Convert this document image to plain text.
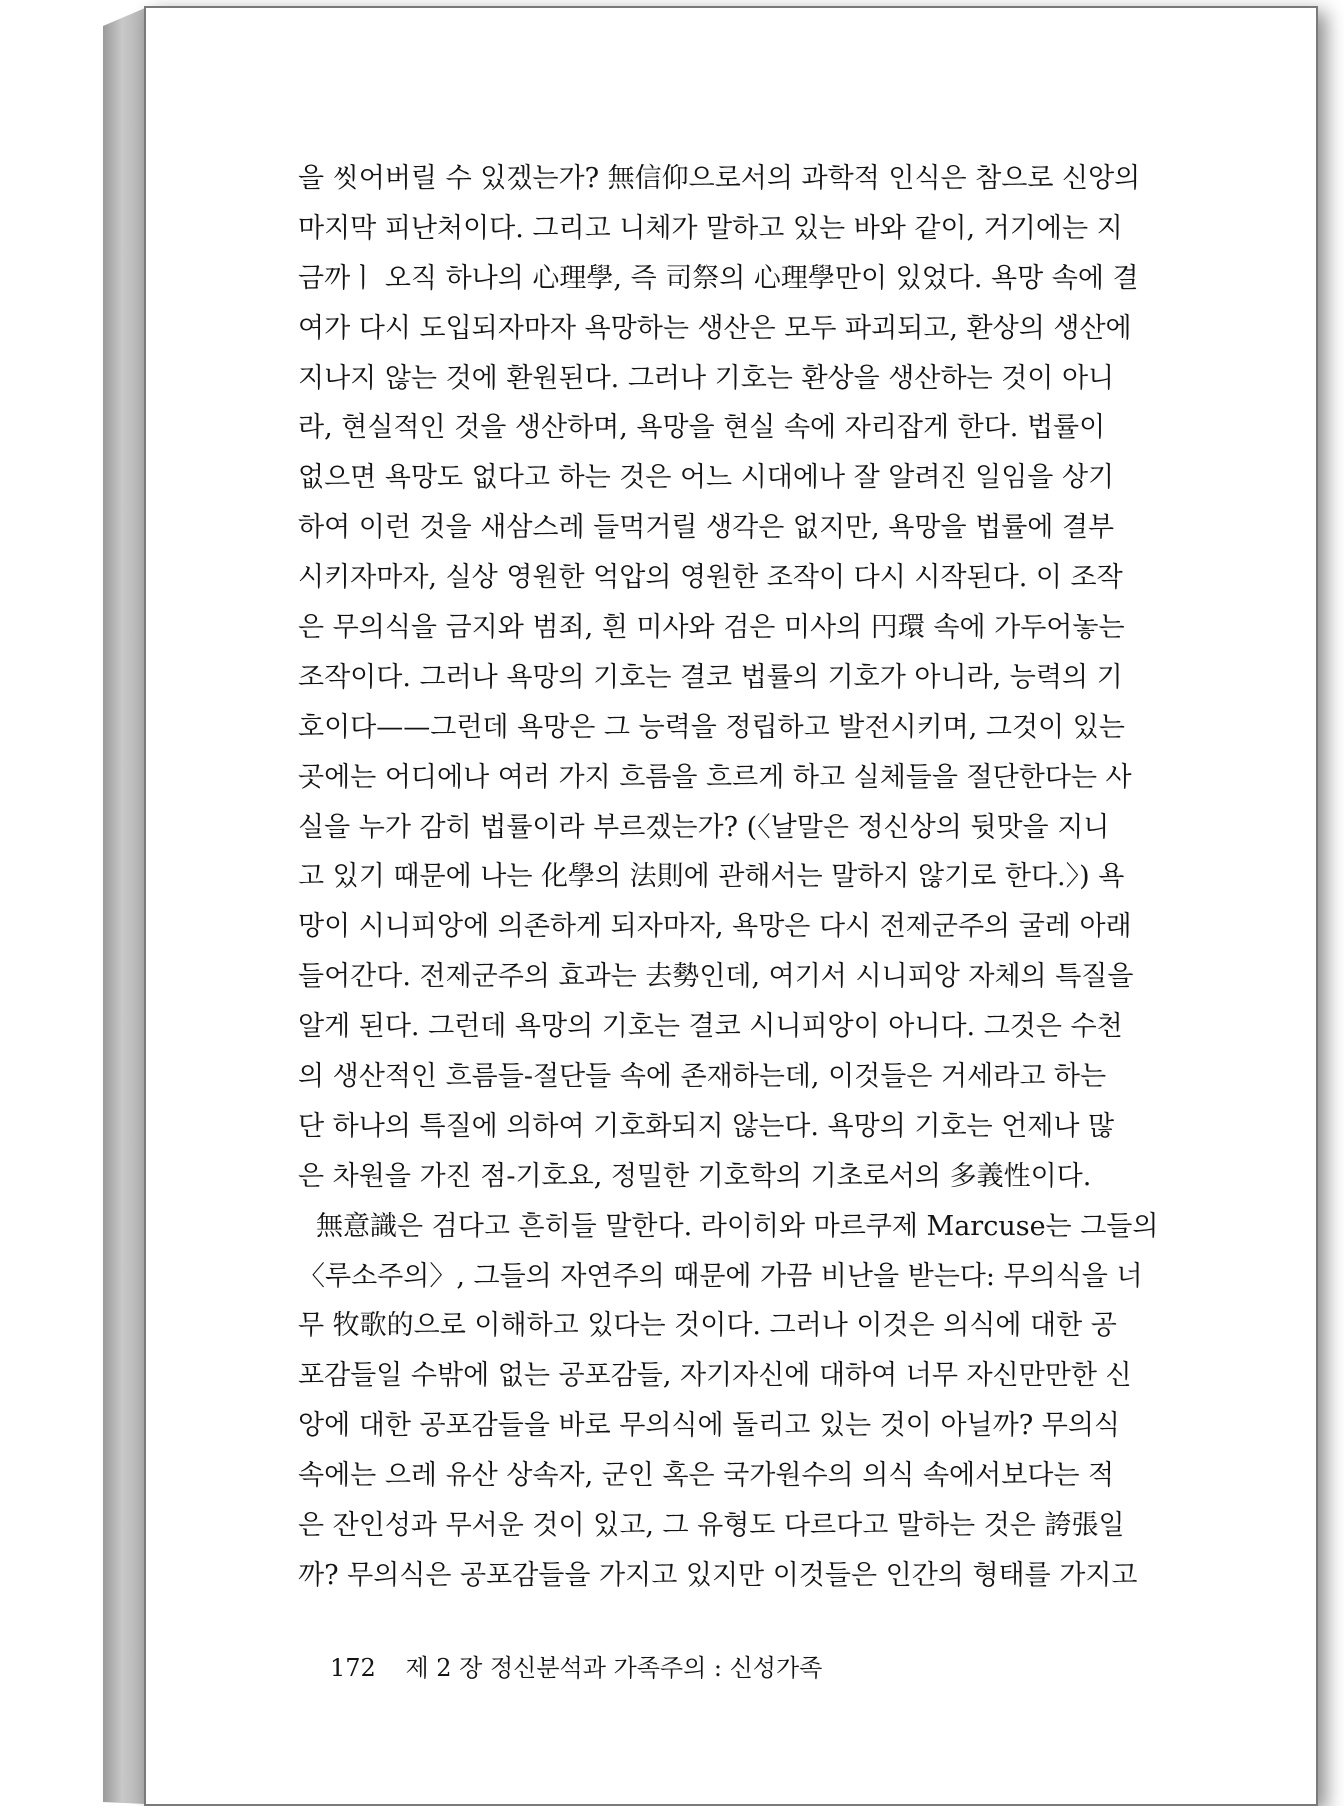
을 씻어버릴 수 있겠는가? 無信仰으로서의 과학적 인식은 참으로 신앙의
마지막 피난처이다. 그리고 니체가 말하고 있는 바와 같이, 거기에는 지
금까ㅣ 오직 하나의 心理學, 즉 司祭의 心理學만이 있었다. 욕망 속에 결
여가 다시 도입되자마자 욕망하는 생산은 모두 파괴되고, 환상의 생산에
지나지 않는 것에 환원된다. 그러나 기호는 환상을 생산하는 것이 아니
라, 현실적인 것을 생산하며, 욕망을 현실 속에 자리잡게 한다. 법률이
없으면 욕망도 없다고 하는 것은 어느 시대에나 잘 알려진 일임을 상기
하여 이런 것을 새삼스레 들먹거릴 생각은 없지만, 욕망을 법률에 결부
시키자마자, 실상 영원한 억압의 영원한 조작이 다시 시작된다. 이 조작
은 무의식을 금지와 범죄, 흰 미사와 검은 미사의 円環 속에 가두어놓는
조작이다. 그러나 욕망의 기호는 결코 법률의 기호가 아니라, 능력의 기
호이다——그런데 욕망은 그 능력을 정립하고 발전시키며, 그것이 있는
곳에는 어디에나 여러 가지 흐름을 흐르게 하고 실체들을 절단한다는 사
실을 누가 감히 법률이라 부르겠는가? (〈날말은 정신상의 뒷맛을 지니
고 있기 때문에 나는 化學의 法則에 관해서는 말하지 않기로 한다.〉) 욕
망이 시니피앙에 의존하게 되자마자, 욕망은 다시 전제군주의 굴레 아래
들어간다. 전제군주의 효과는 去勢인데, 여기서 시니피앙 자체의 특질을
알게 된다. 그런데 욕망의 기호는 결코 시니피앙이 아니다. 그것은 수천
의 생산적인 흐름들-절단들 속에 존재하는데, 이것들은 거세라고 하는
단 하나의 특질에 의하여 기호화되지 않는다. 욕망의 기호는 언제나 많
은 차원을 가진 점-기호요, 정밀한 기호학의 기초로서의 多義性이다.
無意識은 검다고 흔히들 말한다. 라이히와 마르쿠제 Marcuse는 그들의
〈루소주의〉, 그들의 자연주의 때문에 가끔 비난을 받는다: 무의식을 너
무 牧歌的으로 이해하고 있다는 것이다. 그러나 이것은 의식에 대한 공
포감들일 수밖에 없는 공포감들, 자기자신에 대하여 너무 자신만만한 신
앙에 대한 공포감들을 바로 무의식에 돌리고 있는 것이 아닐까? 무의식
속에는 으레 유산 상속자, 군인 혹은 국가원수의 의식 속에서보다는 적
은 잔인성과 무서운 것이 있고, 그 유형도 다르다고 말하는 것은 誇張일
까? 무의식은 공포감들을 가지고 있지만 이것들은 인간의 형태를 가지고
172 제 2 장 정신분석과 가족주의 : 신성가족
